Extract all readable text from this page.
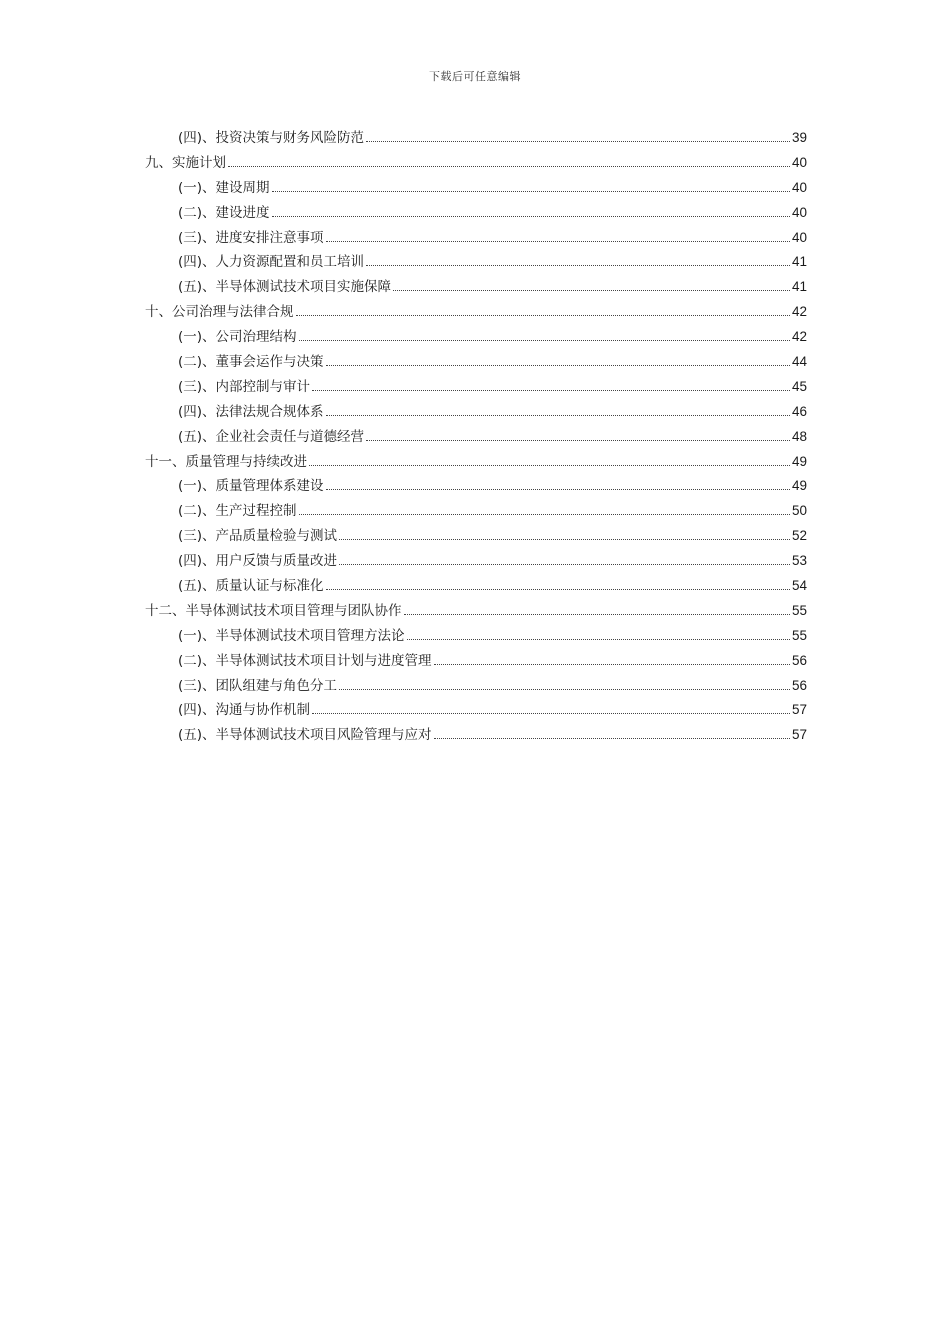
下载后可任意编辑
(四)、投资决策与财务风险防范	39
九、实施计划	40
(一)、建设周期	40
(二)、建设进度	40
(三)、进度安排注意事项	40
(四)、人力资源配置和员工培训	41
(五)、半导体测试技术项目实施保障	41
十、公司治理与法律合规	42
(一)、公司治理结构	42
(二)、董事会运作与决策	44
(三)、内部控制与审计	45
(四)、法律法规合规体系	46
(五)、企业社会责任与道德经营	48
十一、质量管理与持续改进	49
(一)、质量管理体系建设	49
(二)、生产过程控制	50
(三)、产品质量检验与测试	52
(四)、用户反馈与质量改进	53
(五)、质量认证与标准化	54
十二、半导体测试技术项目管理与团队协作	55
(一)、半导体测试技术项目管理方法论	55
(二)、半导体测试技术项目计划与进度管理	56
(三)、团队组建与角色分工	56
(四)、沟通与协作机制	57
(五)、半导体测试技术项目风险管理与应对	57
